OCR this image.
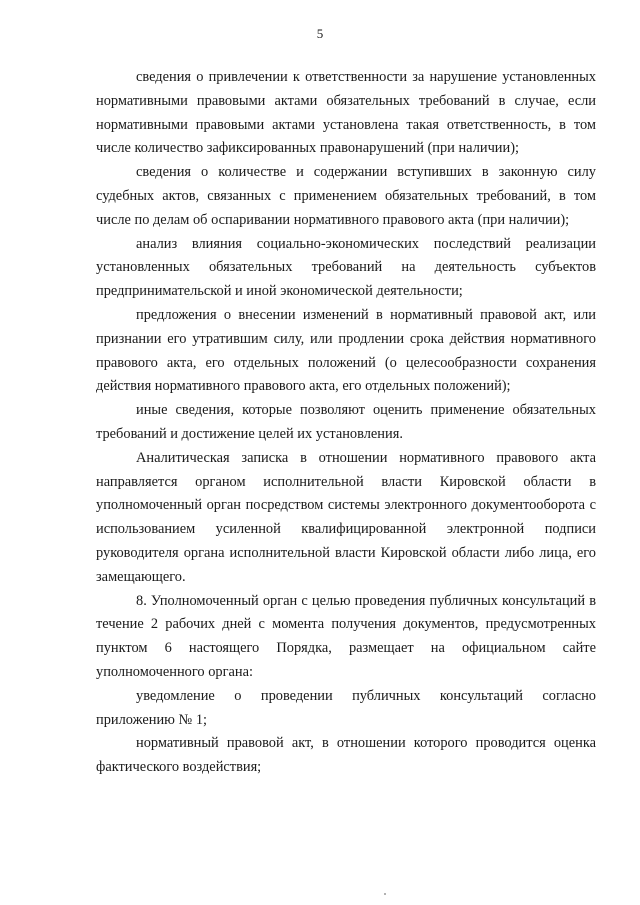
5

сведения о привлечении к ответственности за нарушение установленных нормативными правовыми актами обязательных требований в случае, если нормативными правовыми актами установлена такая ответственность, в том числе количество зафиксированных правонарушений (при наличии);

сведения о количестве и содержании вступивших в законную силу судебных актов, связанных с применением обязательных требований, в том числе по делам об оспаривании нормативного правового акта (при наличии);

анализ влияния социально-экономических последствий реализации установленных обязательных требований на деятельность субъектов предпринимательской и иной экономической деятельности;

предложения о внесении изменений в нормативный правовой акт, или признании его утратившим силу, или продлении срока действия нормативного правового акта, его отдельных положений (о целесообразности сохранения действия нормативного правового акта, его отдельных положений);

иные сведения, которые позволяют оценить применение обязательных требований и достижение целей их установления.

Аналитическая записка в отношении нормативного правового акта направляется органом исполнительной власти Кировской области в уполномоченный орган посредством системы электронного документооборота с использованием усиленной квалифицированной электронной подписи руководителя органа исполнительной власти Кировской области либо лица, его замещающего.

8. Уполномоченный орган с целью проведения публичных консультаций в течение 2 рабочих дней с момента получения документов, предусмотренных пунктом 6 настоящего Порядка, размещает на официальном сайте уполномоченного органа:

уведомление о проведении публичных консультаций согласно приложению № 1;

нормативный правовой акт, в отношении которого проводится оценка фактического воздействия;
